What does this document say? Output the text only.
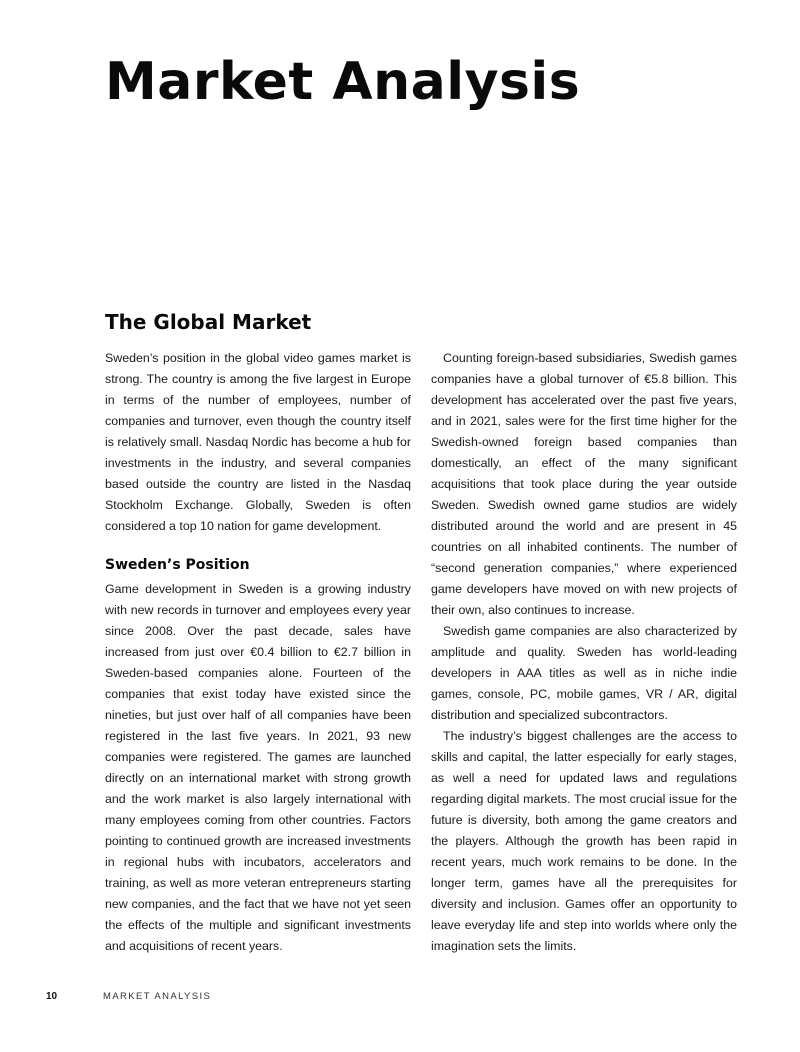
Market Analysis
The Global Market

Sweden’s position in the global video games market is strong. The country is among the five largest in Europe in terms of the number of employees, number of companies and turnover, even though the country itself is relatively small. Nasdaq Nordic has become a hub for investments in the industry, and several companies based outside the country are listed in the Nasdaq Stockholm Exchange. Globally, Sweden is often considered a top 10 nation for game development.

Sweden’s Position

Game development in Sweden is a growing industry with new records in turnover and employees every year since 2008. Over the past decade, sales have increased from just over €0.4 billion to €2.7 billion in Sweden-based companies alone. Fourteen of the companies that exist today have existed since the nineties, but just over half of all companies have been registered in the last five years. In 2021, 93 new companies were registered. The games are launched directly on an international market with strong growth and the work market is also largely international with many employees coming from other countries. Factors pointing to continued growth are increased investments in regional hubs with incubators, accelerators and training, as well as more veteran entrepreneurs starting new companies, and the fact that we have not yet seen the effects of the multiple and significant investments and acquisitions of recent years.

Counting foreign-based subsidiaries, Swedish games companies have a global turnover of €5.8 billion. This development has accelerated over the past five years, and in 2021, sales were for the first time higher for the Swedish-owned foreign based companies than domestically, an effect of the many significant acquisitions that took place during the year outside Sweden. Swedish owned game studios are widely distributed around the world and are present in 45 countries on all inhabited continents. The number of “second generation companies,” where experienced game developers have moved on with new projects of their own, also continues to increase.

Swedish game companies are also characterized by amplitude and quality. Sweden has world-leading developers in AAA titles as well as in niche indie games, console, PC, mobile games, VR / AR, digital distribution and specialized subcontractors.

The industry’s biggest challenges are the access to skills and capital, the latter especially for early stages, as well a need for updated laws and regulations regarding digital markets. The most crucial issue for the future is diversity, both among the game creators and the players. Although the growth has been rapid in recent years, much work remains to be done. In the longer term, games have all the prerequisites for diversity and inclusion. Games offer an opportunity to leave everyday life and step into worlds where only the imagination sets the limits.

10	MARKET ANALYSIS
